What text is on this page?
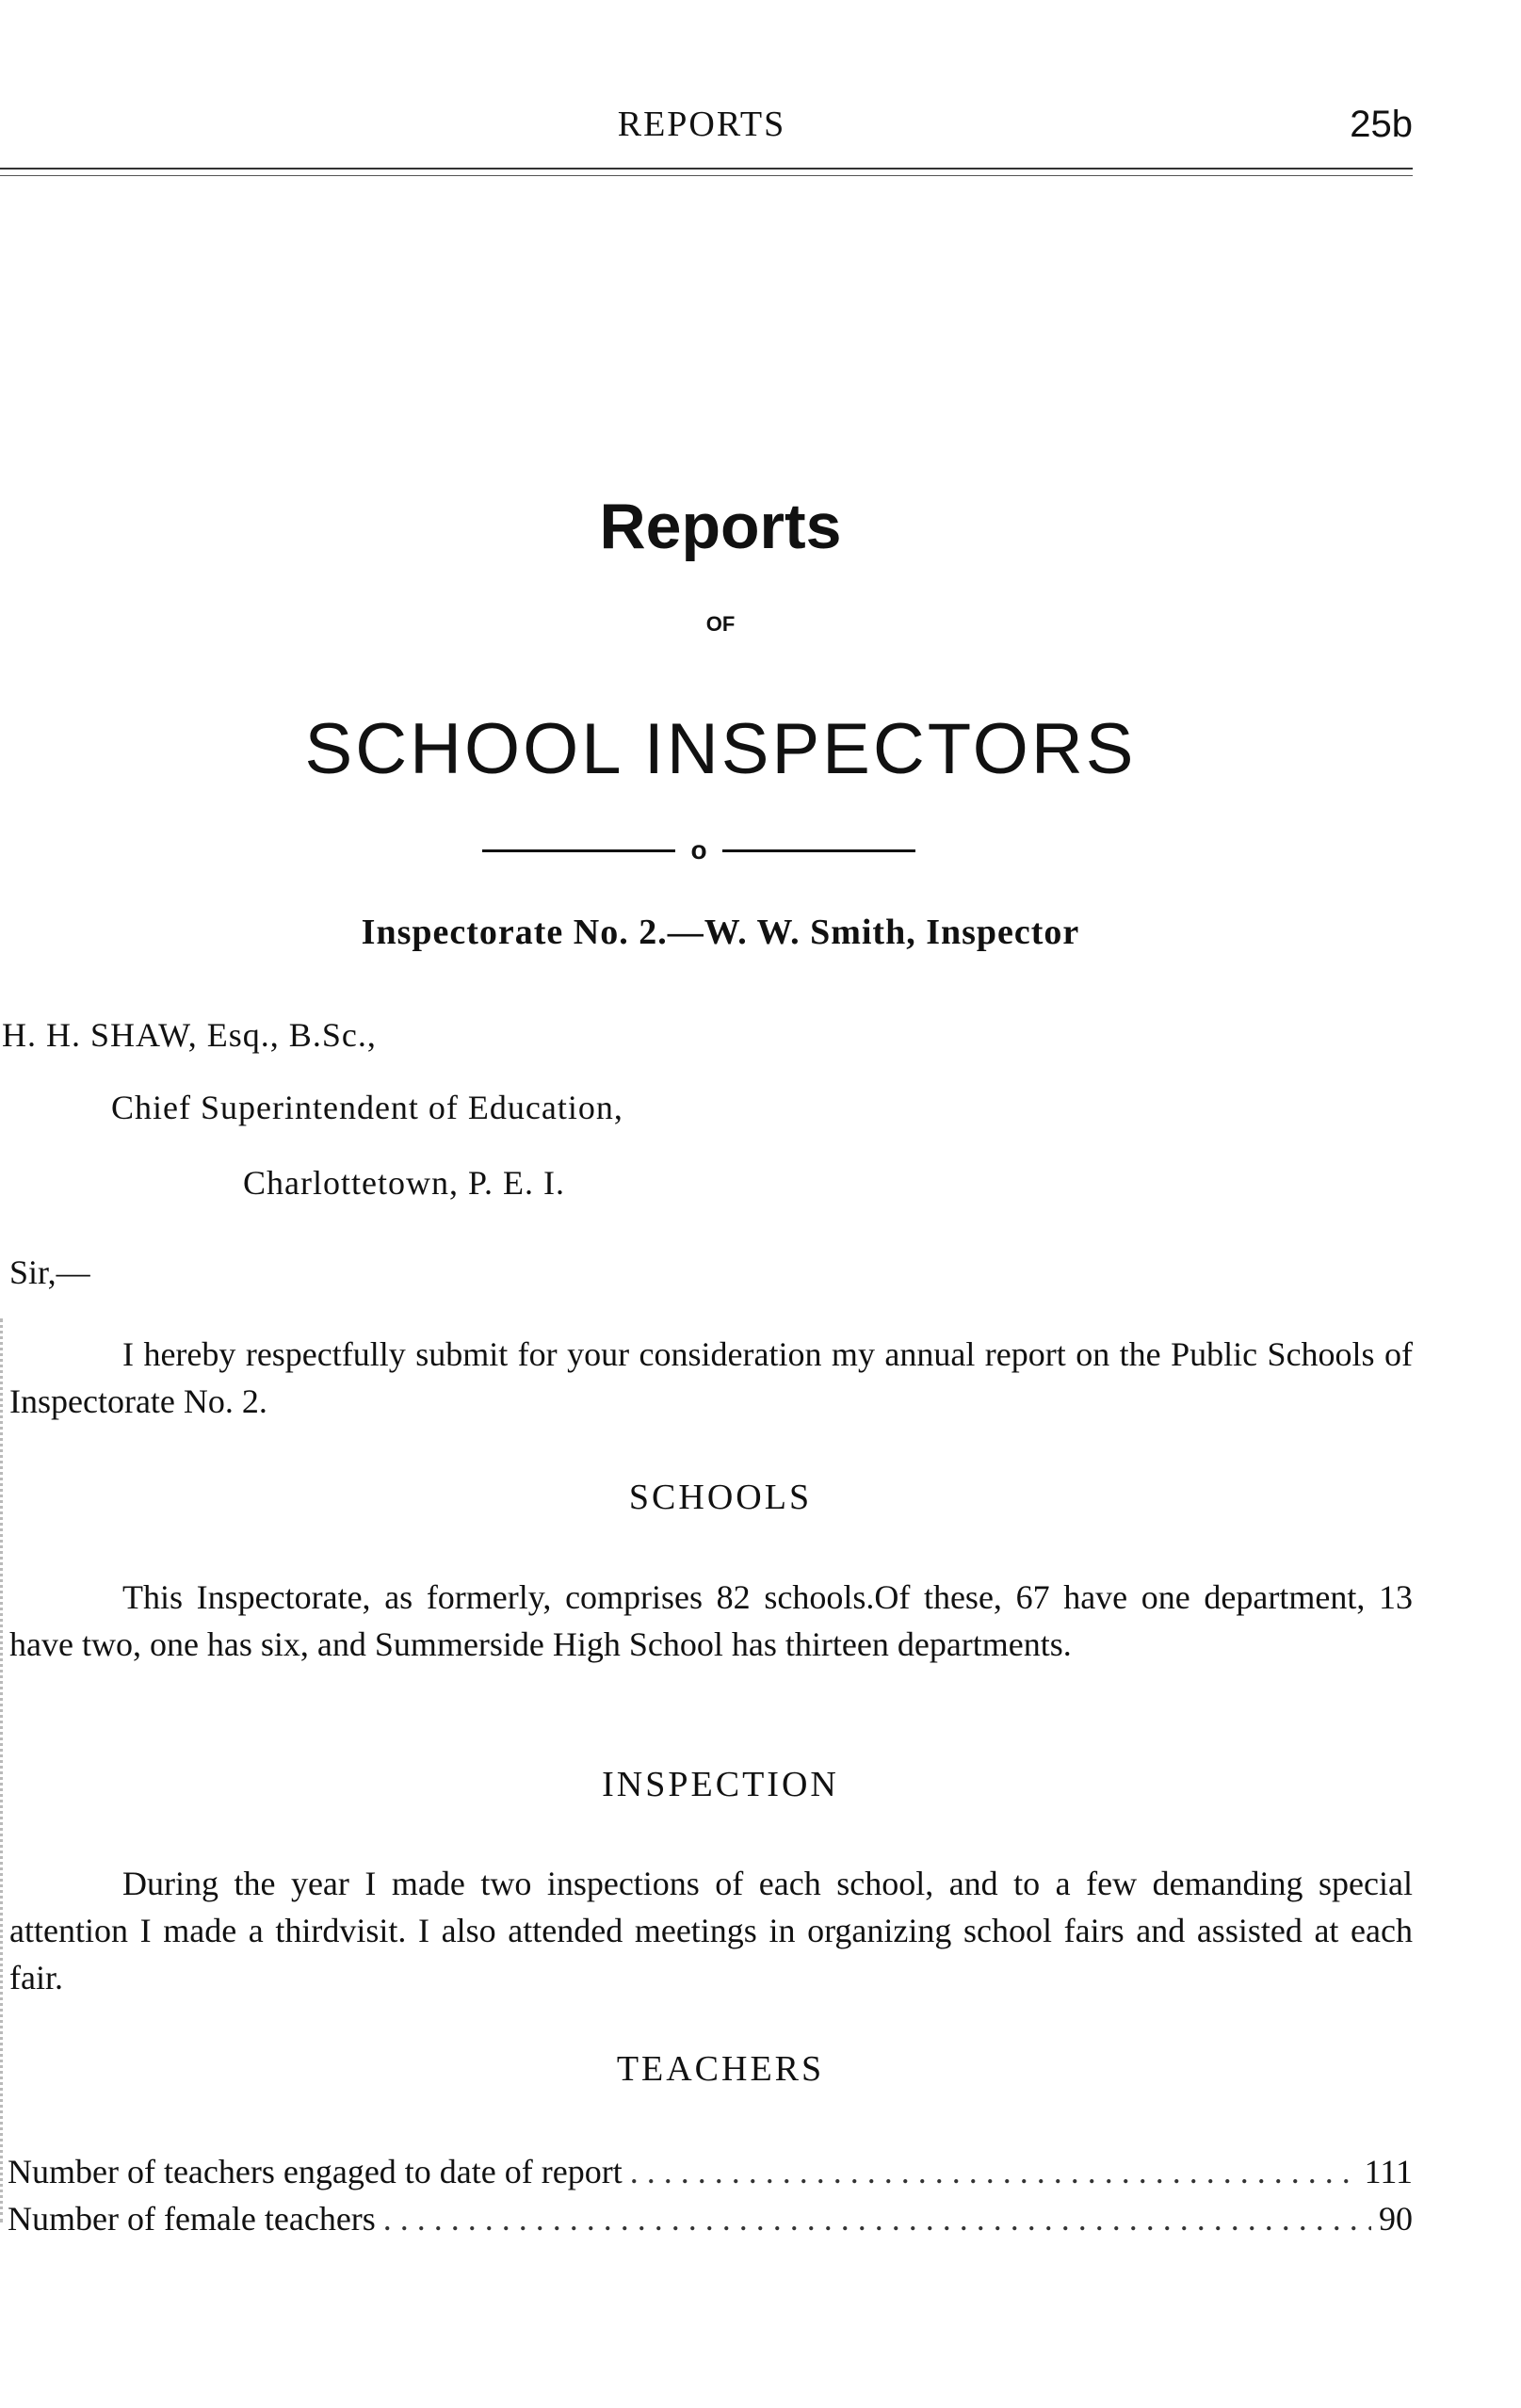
REPORTS	25b
Reports
OF
SCHOOL INSPECTORS
o
Inspectorate No. 2.—W. W. Smith, Inspector
H. H. SHAW, Esq., B.Sc.,
Chief Superintendent of Education,
Charlottetown, P. E. I.
Sir,—
I hereby respectfully submit for your consideration my annual report on the Public Schools of Inspectorate No. 2.
SCHOOLS
This Inspectorate, as formerly, comprises 82 schools.Of these, 67 have one department, 13 have two, one has six, and Summerside High School has thirteen departments.
INSPECTION
During the year I made two inspections of each school, and to a few demanding special attention I made a thirdvisit. I also attended meetings in organizing school fairs and assisted at each fair.
TEACHERS
Number of teachers engaged to date of report . . .	111
Number of female teachers . . .	90
